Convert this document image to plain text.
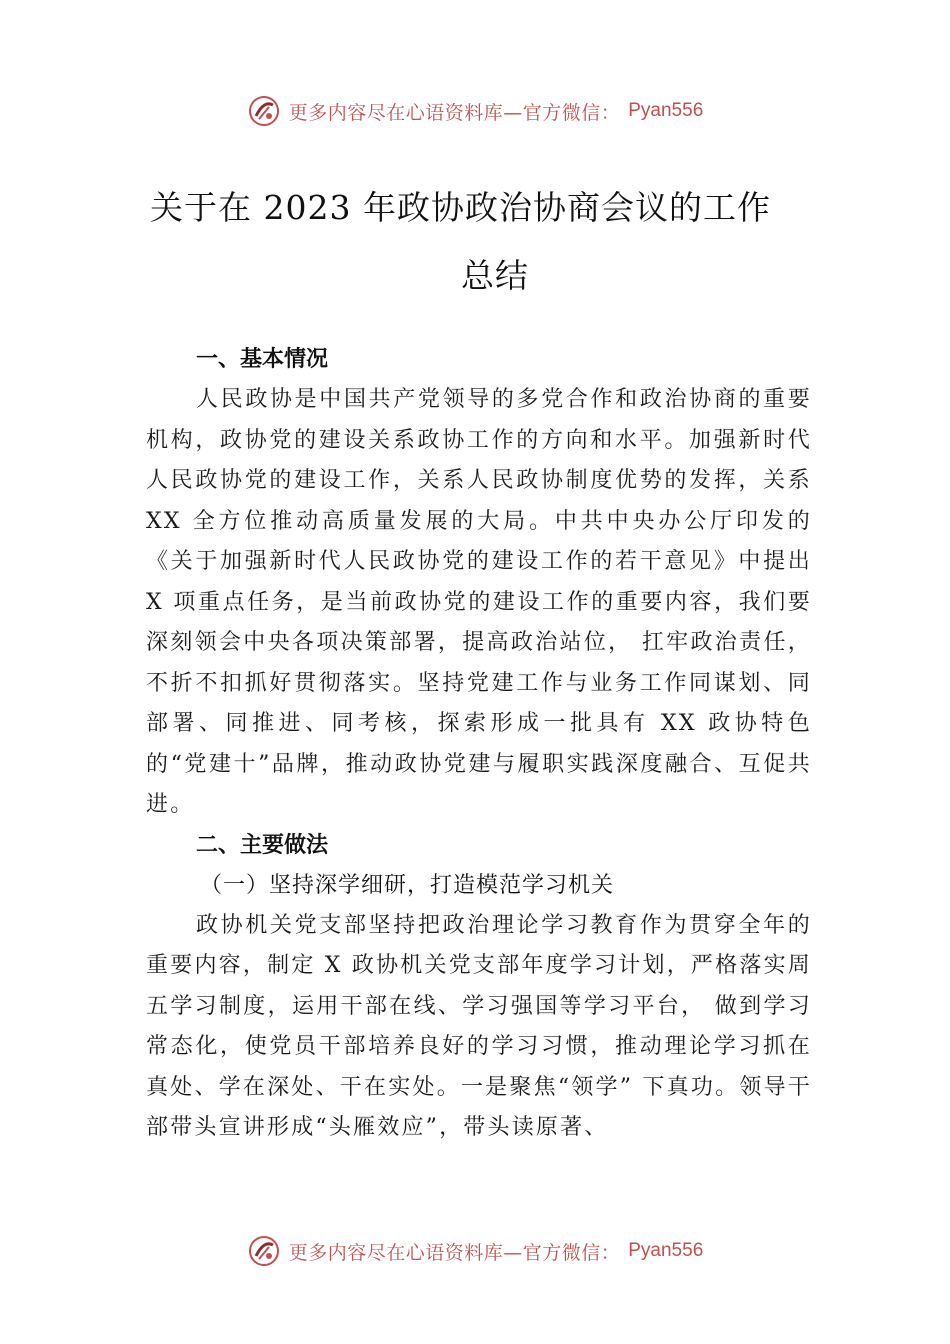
更多内容尽在心语资料库—官方微信： Pyan556
关于在 2023 年政协政治协商会议的工作
总结

一、基本情况

人民政协是中国共产党领导的多党合作和政治协商的重要机构，政协党的建设关系政协工作的方向和水平。加强新时代人民政协党的建设工作，关系人民政协制度优势的发挥，关系 XX 全方位推动高质量发展的大局。中共中央办公厅印发的《关于加强新时代人民政协党的建设工作的若干意见》中提出 X 项重点任务，是当前政协党的建设工作的重要内容，我们要深刻领会中央各项决策部署，提高政治站位， 扛牢政治责任，不折不扣抓好贯彻落实。坚持党建工作与业务工作同谋划、同部署、同推进、同考核，探索形成一批具有 XX 政协特色的“党建十”品牌，推动政协党建与履职实践深度融合、互促共进。

二、主要做法

（一）坚持深学细研，打造模范学习机关

政协机关党支部坚持把政治理论学习教育作为贯穿全年的重要内容，制定 X 政协机关党支部年度学习计划，严格落实周五学习制度，运用干部在线、学习强国等学习平台， 做到学习常态化，使党员干部培养良好的学习习惯，推动理论学习抓在真处、学在深处、干在实处。一是聚焦“领学” 下真功。领导干部带头宣讲形成“头雁效应”，带头读原著、

更多内容尽在心语资料库—官方微信： Pyan556
